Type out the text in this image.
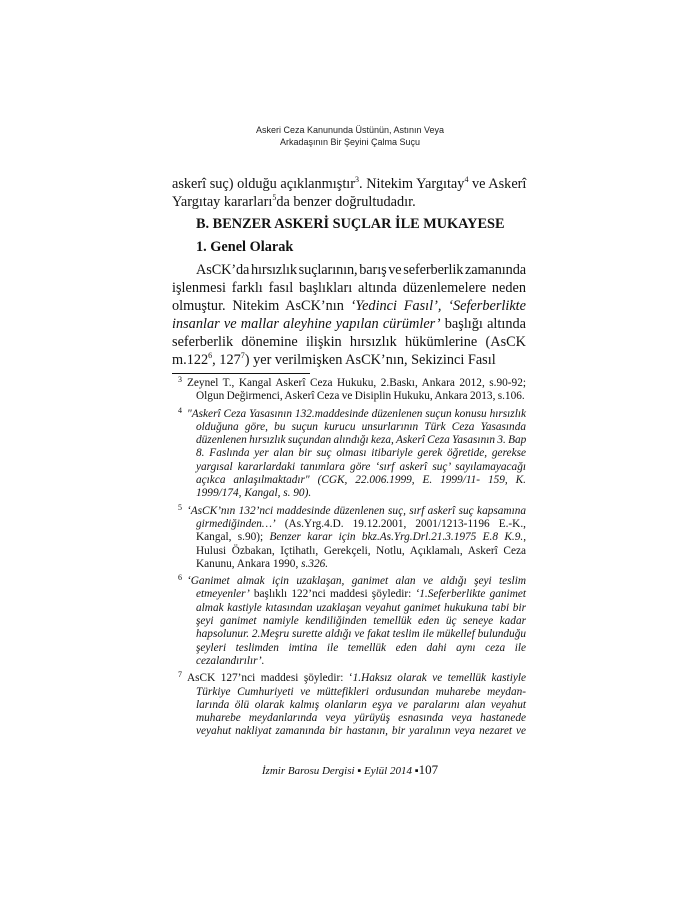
Askeri Ceza Kanununda Üstünün, Astının Veya
Arkadaşının Bir Şeyini Çalma Suçu
askerî suç) olduğu açıklanmıştır$^3$. Nitekim Yargıtay$^4$ ve Askerî
Yargıtay kararları$^5$da benzer doğrultudadır.
B. BENZER ASKERİ SUÇLAR İLE MUKAYESE
1. Genel Olarak
AsCK’da hırsızlık suçlarının, barış ve seferberlik zamanında
işlenmesi farklı fasıl başlıkları altında düzenlemelere neden
olmuştur. Nitekim AsCK’nın ‘Yedinci Fasıl’, ‘Seferberlikte
insanlar ve mallar aleyhine yapılan cürümler’ başlığı altında
seferberlik dönemine ilişkin hırsızlık hükümlerine (AsCK
m.122$^6$, $127^7$) yer verilmişken AsCK’nın, Sekizinci Fasıl
3 Zeynel T., Kangal Askerî Ceza Hukuku, 2.Baskı, Ankara 2012, s.90-92;
Olgun Değirmenci, Askerî Ceza ve Disiplin Hukuku, Ankara 2013, s.106.
4 "Askerî Ceza Yasasının 132.maddesinde düzenlenen suçun konusu hırsızlık
olduğuna göre, bu suçun kurucu unsurlarının Türk Ceza Yasasında
düzenlenen hırsızlık suçundan alındığı keza, Askerî Ceza Yasasının 3. Bap
8. Faslında yer alan bir suç olması itibariyle gerek öğretide, gerekse
yargısal kararlardaki tanımlara göre ‘sırf askerî suç’ sayılamayacağı
açıkca anlaşılmaktadır" (CGK, 22.006.1999, E. 1999/11- 159, K.
1999/174, Kangal, s. 90).
5 ‘AsCK’nın 132’nci maddesinde düzenlenen suç, sırf askerî suç kapsamına
girmediğinden…’ (As.Yrg.4.D. 19.12.2001, 2001/1213-1196 E.-K.,
Kangal, s.90); Benzer karar için bkz.As.Yrg.Drl.21.3.1975 E.8 K.9.,
Hulusi Özbakan, Içtihatlı, Gerekçeli, Notlu, Açıklamalı, Askerî Ceza
Kanunu, Ankara 1990, s.326.
6 ‘Ganimet almak için uzaklaşan, ganimet alan ve aldığı şeyi teslim
etmeyenler’ başlıklı 122’nci maddesi şöyledir: ‘1.Seferberlikte ganimet
almak kastiyle kıtasından uzaklaşan veyahut ganimet hukukuna tabi bir
şeyi ganimet namiyle kendiliğinden temellük eden üç seneye kadar
hapsolunur. 2.Meşru surette aldığı ve fakat teslim ile mükellef bulunduğu
şeyleri teslimden imtina ile temellük eden dahi aynı ceza ile
cezalandırılır’.
7 AsCK 127’nci maddesi şöyledir: ‘1.Haksız olarak ve temellük kastiyle
Türkiye Cumhuriyeti ve müttefikleri ordusundan muharebe meydan-
larında ölü olarak kalmış olanların eşya ve paralarını alan veyahut
muharebe meydanlarında veya yürüyüş esnasında veya hastanede
veyahut nakliyat zamanında bir hastanın, bir yaralının veya nezaret ve
İzmir Barosu Dergisi ▪ Eylül 2014 ▪107
